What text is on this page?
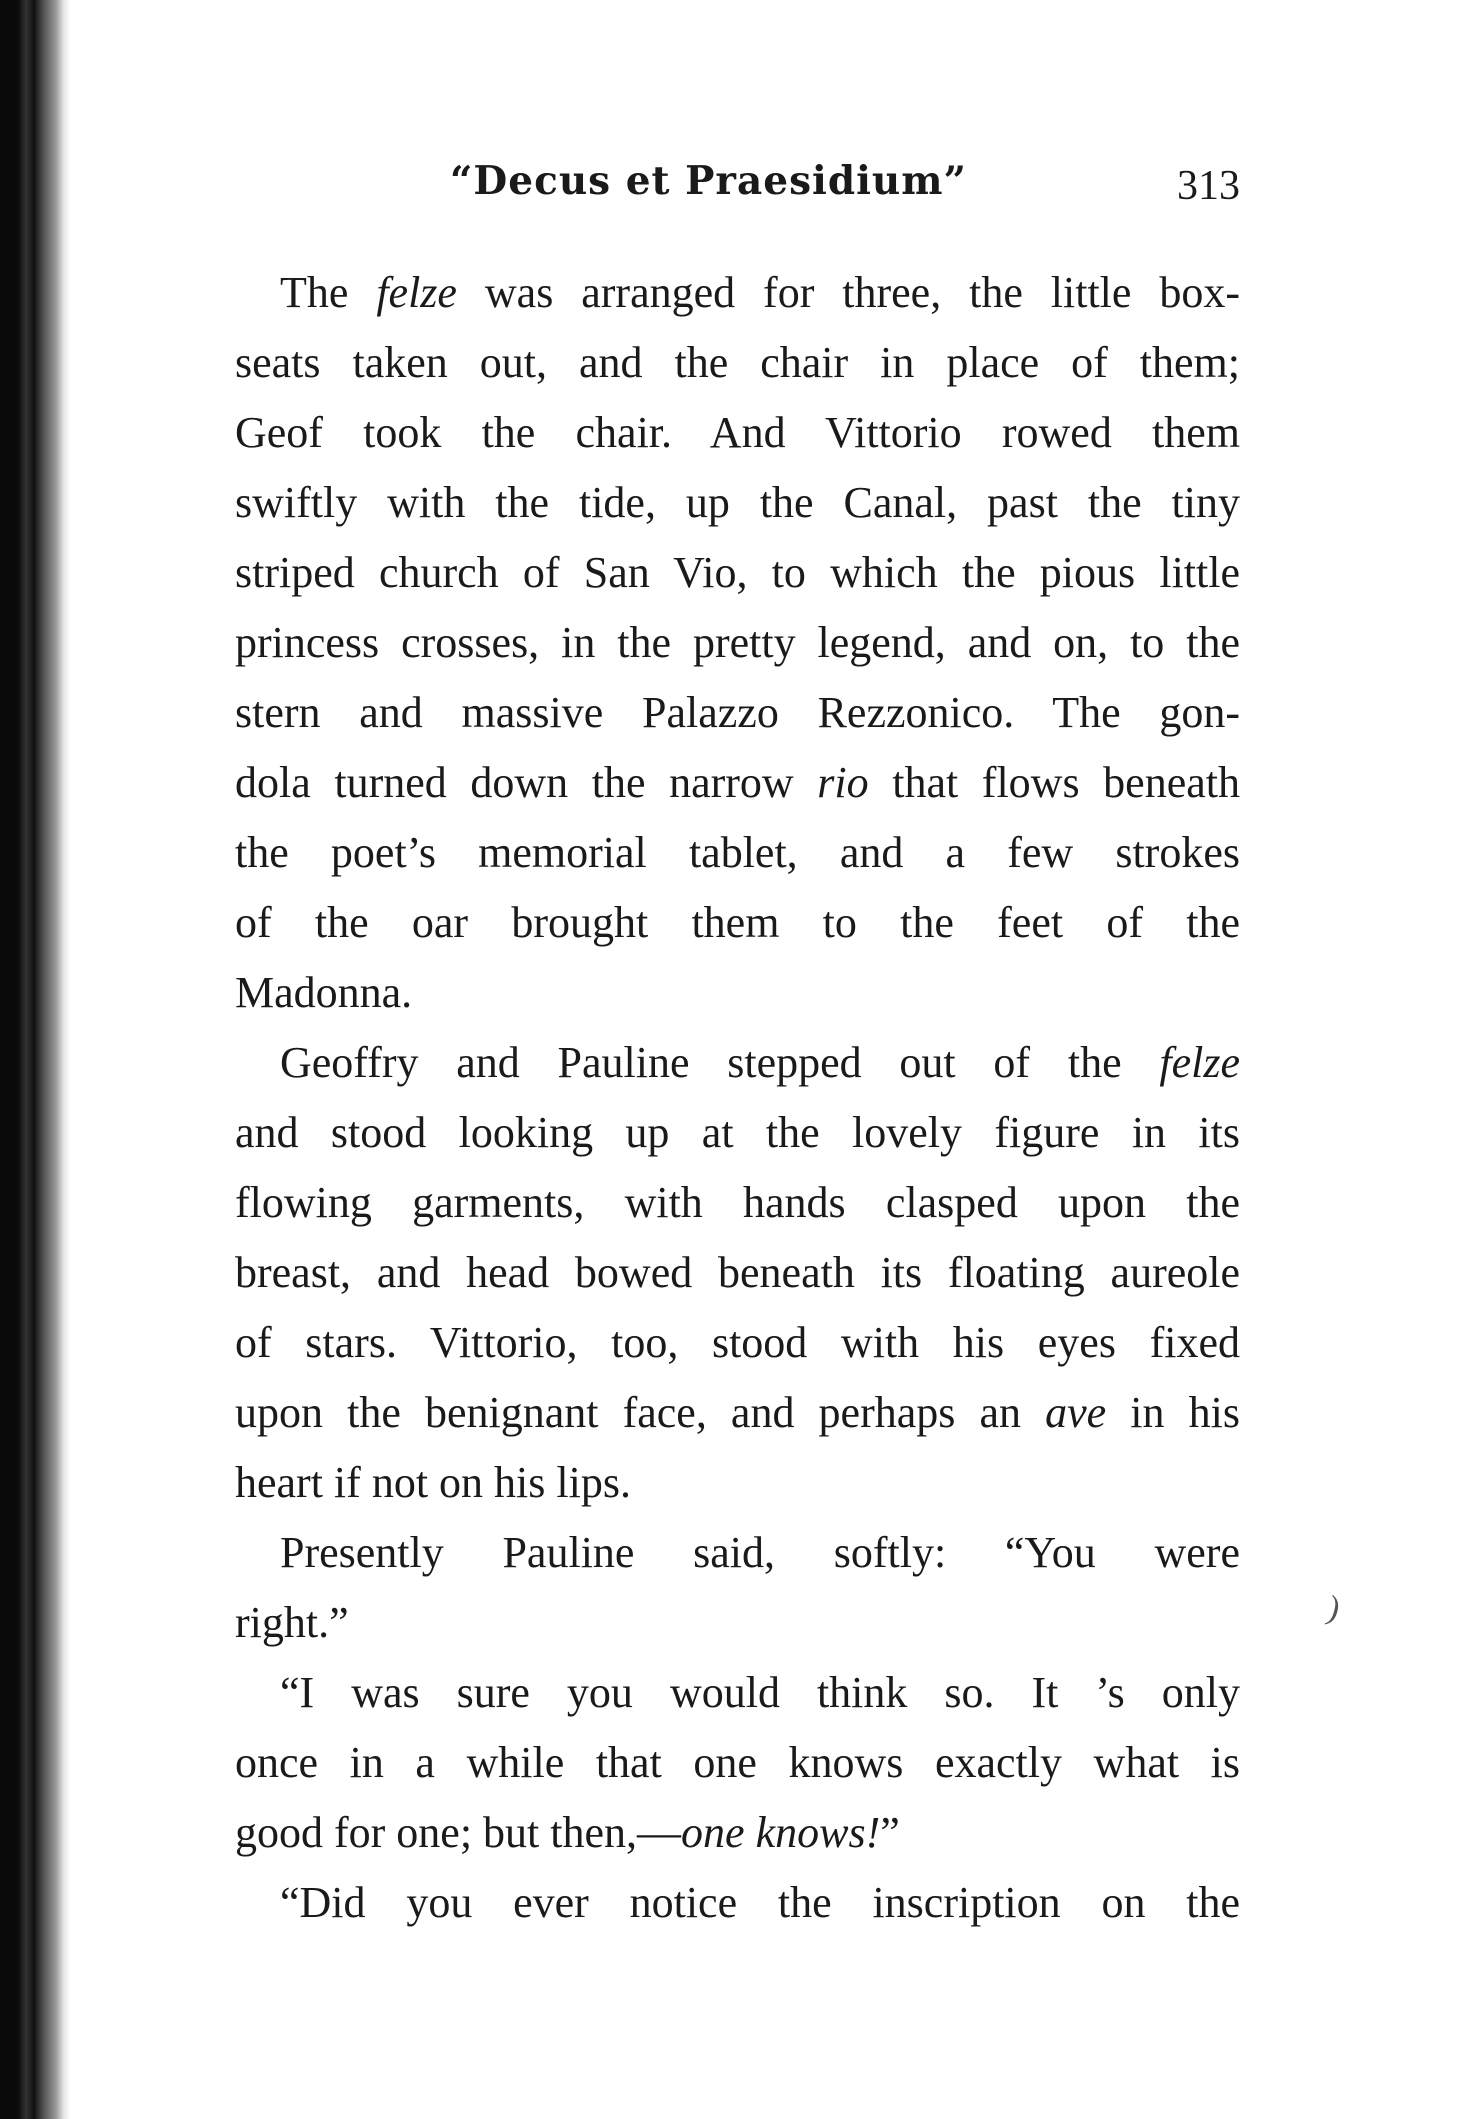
“Decus et Praesidium”	313
The felze was arranged for three, the little box-
seats taken out, and the chair in place of them;
Geof took the chair. And Vittorio rowed them
swiftly with the tide, up the Canal, past the tiny
striped church of San Vio, to which the pious little
princess crosses, in the pretty legend, and on, to the
stern and massive Palazzo Rezzonico. The gon-
dola turned down the narrow rio that flows beneath
the poet’s memorial tablet, and a few strokes
of the oar brought them to the feet of the
Madonna.
Geoffry and Pauline stepped out of the felze
and stood looking up at the lovely figure in its
flowing garments, with hands clasped upon the
breast, and head bowed beneath its floating aureole
of stars. Vittorio, too, stood with his eyes fixed
upon the benignant face, and perhaps an ave in his
heart if not on his lips.
Presently Pauline said, softly: “You were
right.”
“I was sure you would think so. It ’s only
once in a while that one knows exactly what is
good for one; but then,—one knows!”
“Did you ever notice the inscription on the
)
